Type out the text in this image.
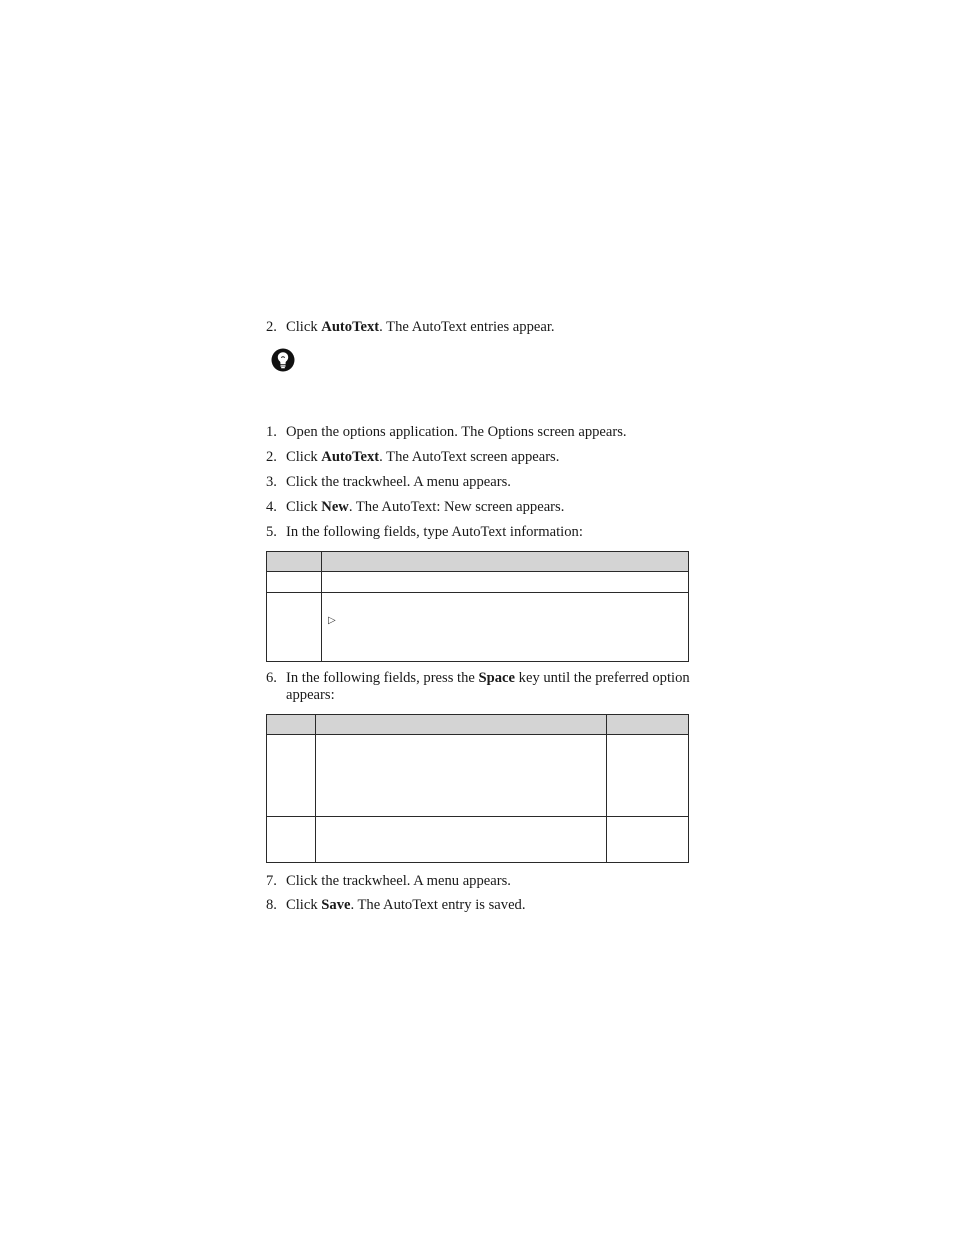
2. Click AutoText. The AutoText entries appear.
1. Open the options application. The Options screen appears.
2. Click AutoText. The AutoText screen appears.
3. Click the trackwheel. A menu appears.
4. Click New. The AutoText: New screen appears.
5. In the following fields, type AutoText information:

▷
6. In the following fields, press the Space key until the preferred option appears:

7. Click the trackwheel. A menu appears.
8. Click Save. The AutoText entry is saved.
